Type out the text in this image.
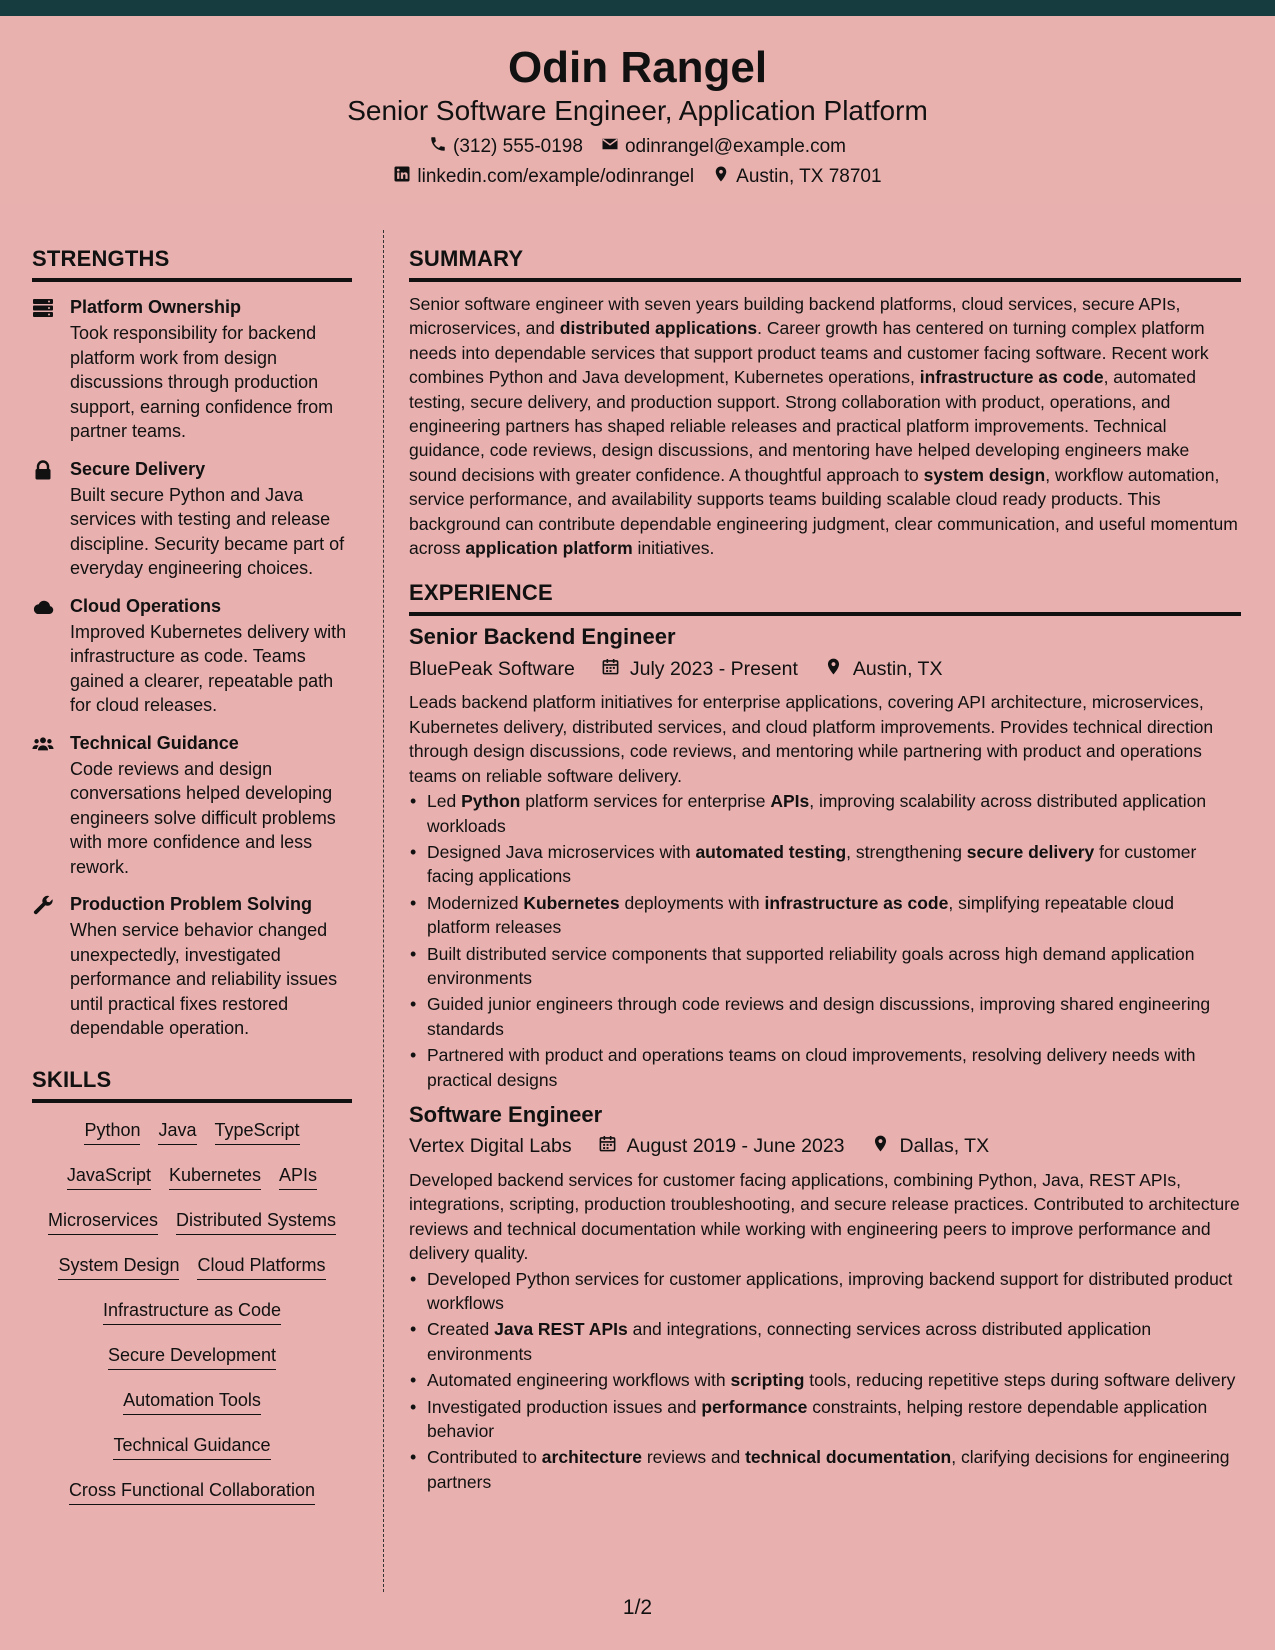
Odin Rangel
Senior Software Engineer, Application Platform
(312) 555-0198 odinrangel@example.com
linkedin.com/example/odinrangel Austin, TX 78701
STRENGTHS
Platform Ownership
Took responsibility for backend platform work from design discussions through production support, earning confidence from partner teams.
Secure Delivery
Built secure Python and Java services with testing and release discipline. Security became part of everyday engineering choices.
Cloud Operations
Improved Kubernetes delivery with infrastructure as code. Teams gained a clearer, repeatable path for cloud releases.
Technical Guidance
Code reviews and design conversations helped developing engineers solve difficult problems with more confidence and less rework.
Production Problem Solving
When service behavior changed unexpectedly, investigated performance and reliability issues until practical fixes restored dependable operation.
SKILLS
Python Java TypeScript
JavaScript Kubernetes APIs
Microservices Distributed Systems
System Design Cloud Platforms
Infrastructure as Code
Secure Development
Automation Tools
Technical Guidance
Cross Functional Collaboration
SUMMARY
Senior software engineer with seven years building backend platforms, cloud services, secure APIs, microservices, and distributed applications. Career growth has centered on turning complex platform needs into dependable services that support product teams and customer facing software. Recent work combines Python and Java development, Kubernetes operations, infrastructure as code, automated testing, secure delivery, and production support. Strong collaboration with product, operations, and engineering partners has shaped reliable releases and practical platform improvements. Technical guidance, code reviews, design discussions, and mentoring have helped developing engineers make sound decisions with greater confidence. A thoughtful approach to system design, workflow automation, service performance, and availability supports teams building scalable cloud ready products. This background can contribute dependable engineering judgment, clear communication, and useful momentum across application platform initiatives.
EXPERIENCE
Senior Backend Engineer
BluePeak Software	July 2023 - Present	Austin, TX
Leads backend platform initiatives for enterprise applications, covering API architecture, microservices, Kubernetes delivery, distributed services, and cloud platform improvements. Provides technical direction through design discussions, code reviews, and mentoring while partnering with product and operations teams on reliable software delivery.
• Led Python platform services for enterprise APIs, improving scalability across distributed application workloads
• Designed Java microservices with automated testing, strengthening secure delivery for customer facing applications
• Modernized Kubernetes deployments with infrastructure as code, simplifying repeatable cloud platform releases
• Built distributed service components that supported reliability goals across high demand application environments
• Guided junior engineers through code reviews and design discussions, improving shared engineering standards
• Partnered with product and operations teams on cloud improvements, resolving delivery needs with practical designs
Software Engineer
Vertex Digital Labs	August 2019 - June 2023	Dallas, TX
Developed backend services for customer facing applications, combining Python, Java, REST APIs, integrations, scripting, production troubleshooting, and secure release practices. Contributed to architecture reviews and technical documentation while working with engineering peers to improve performance and delivery quality.
• Developed Python services for customer applications, improving backend support for distributed product workflows
• Created Java REST APIs and integrations, connecting services across distributed application environments
• Automated engineering workflows with scripting tools, reducing repetitive steps during software delivery
• Investigated production issues and performance constraints, helping restore dependable application behavior
• Contributed to architecture reviews and technical documentation, clarifying decisions for engineering partners
1/2
